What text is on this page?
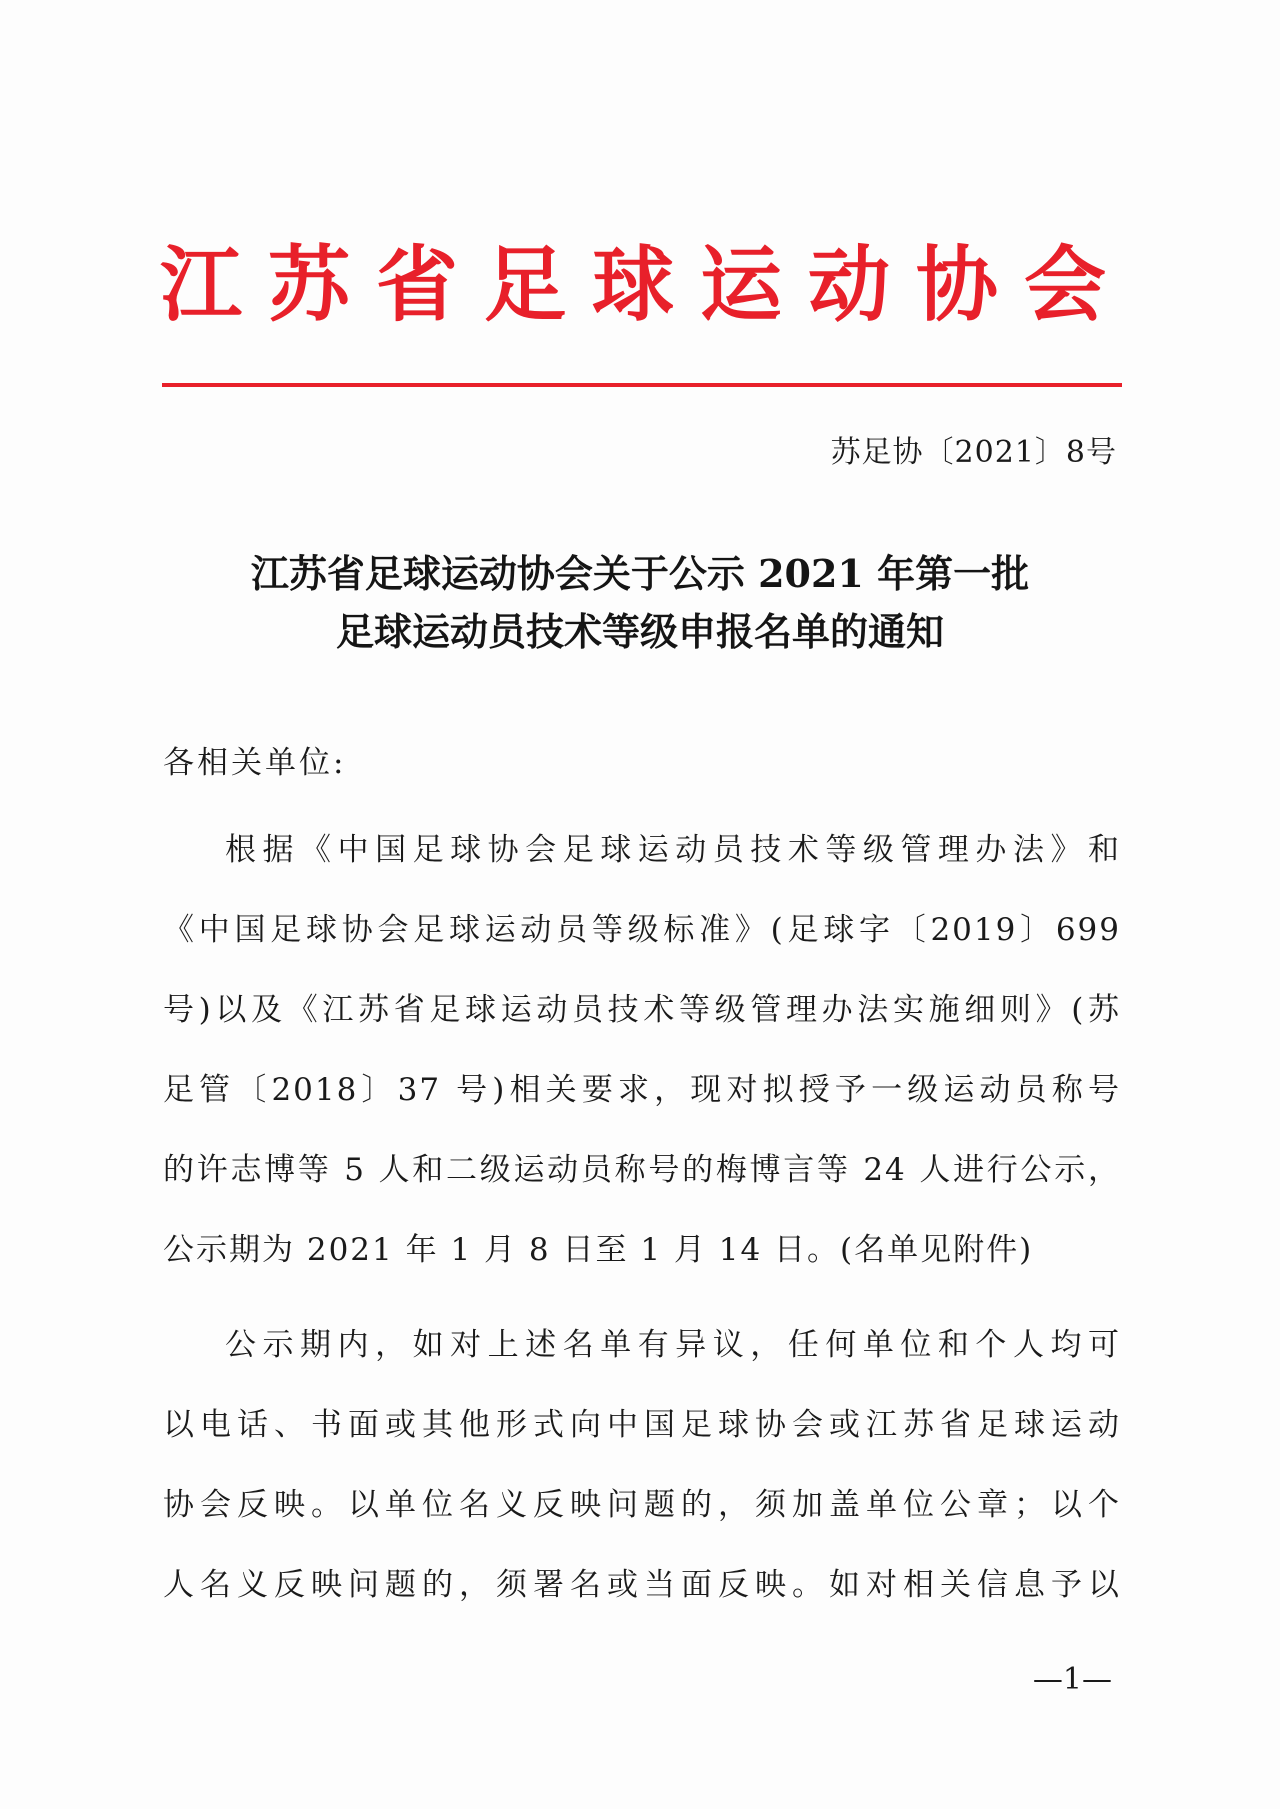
江苏省足球运动协会
苏足协〔2021〕8号
江苏省足球运动协会关于公示 2021 年第一批
足球运动员技术等级申报名单的通知
各相关单位:
根据《中国足球协会足球运动员技术等级管理办法》和
《中国足球协会足球运动员等级标准》(足球字〔2019〕699
号)以及《江苏省足球运动员技术等级管理办法实施细则》(苏
足管〔2018〕37 号)相关要求，现对拟授予一级运动员称号
的许志博等 5 人和二级运动员称号的梅博言等 24 人进行公示，
公示期为 2021 年 1 月 8 日至 1 月 14 日。(名单见附件)
公示期内，如对上述名单有异议，任何单位和个人均可
以电话、书面或其他形式向中国足球协会或江苏省足球运动
协会反映。以单位名义反映问题的，须加盖单位公章；以个
人名义反映问题的，须署名或当面反映。如对相关信息予以
—1—
